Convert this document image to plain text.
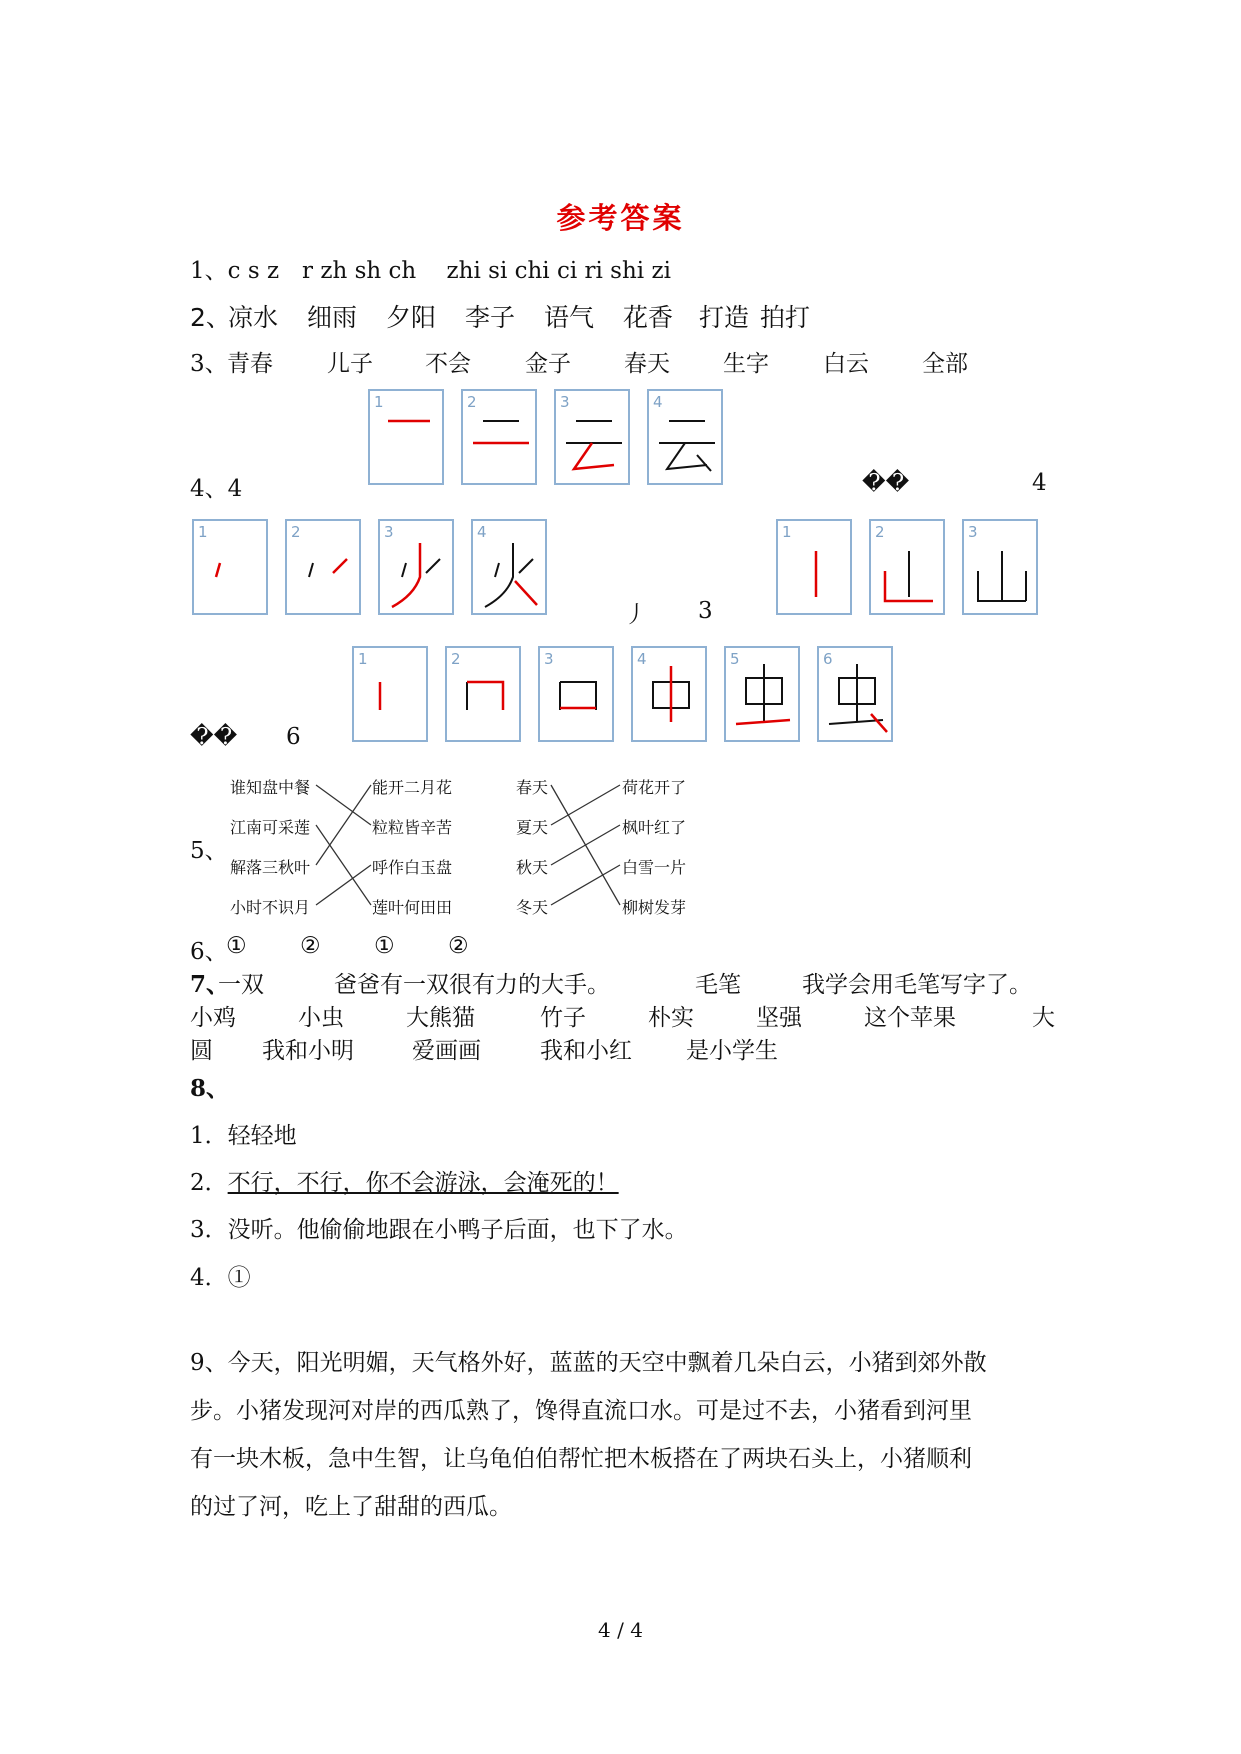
参考答案
1、c s z　r zh sh ch　 zhi si chi ci ri shi zi
2、
凉水 细雨 夕阳 李子 语气 花香 打造 拍打
3、 青春 儿子 不会 金子 春天 生字 白云 全部
1	2	3	4
4、4	��	4
1	2	3	4	1	2	3
丿 3
1	2	3	4	5	6
�� 6
5、
谁知盘中餐
江南可采莲
解落三秋叶
小时不识月
能开二月花
粒粒皆辛苦
呼作白玉盘
莲叶何田田
春天
夏天
秋天
冬天
荷花开了
枫叶红了
白雪一片
柳树发芽
6、
① ② ① ②
7、
一双	爸爸有一双很有力的大手。	毛笔	我学会用毛笔写字了。
小鸡	小虫	大熊猫	竹子	朴实	坚强	这个苹果	大
圆 我和小明	爱画画	我和小红 是小学生
8、
1．轻轻地
2．不行，不行，你不会游泳，会淹死的！
3．没听。他偷偷地跟在小鸭子后面，也下了水。
4．①
9、今天，阳光明媚，天气格外好，蓝蓝的天空中飘着几朵白云，小猪到郊外散
步。小猪发现河对岸的西瓜熟了，馋得直流口水。可是过不去，小猪看到河里
有一块木板，急中生智，让乌龟伯伯帮忙把木板搭在了两块石头上，小猪顺利
的过了河，吃上了甜甜的西瓜。
4 / 4
